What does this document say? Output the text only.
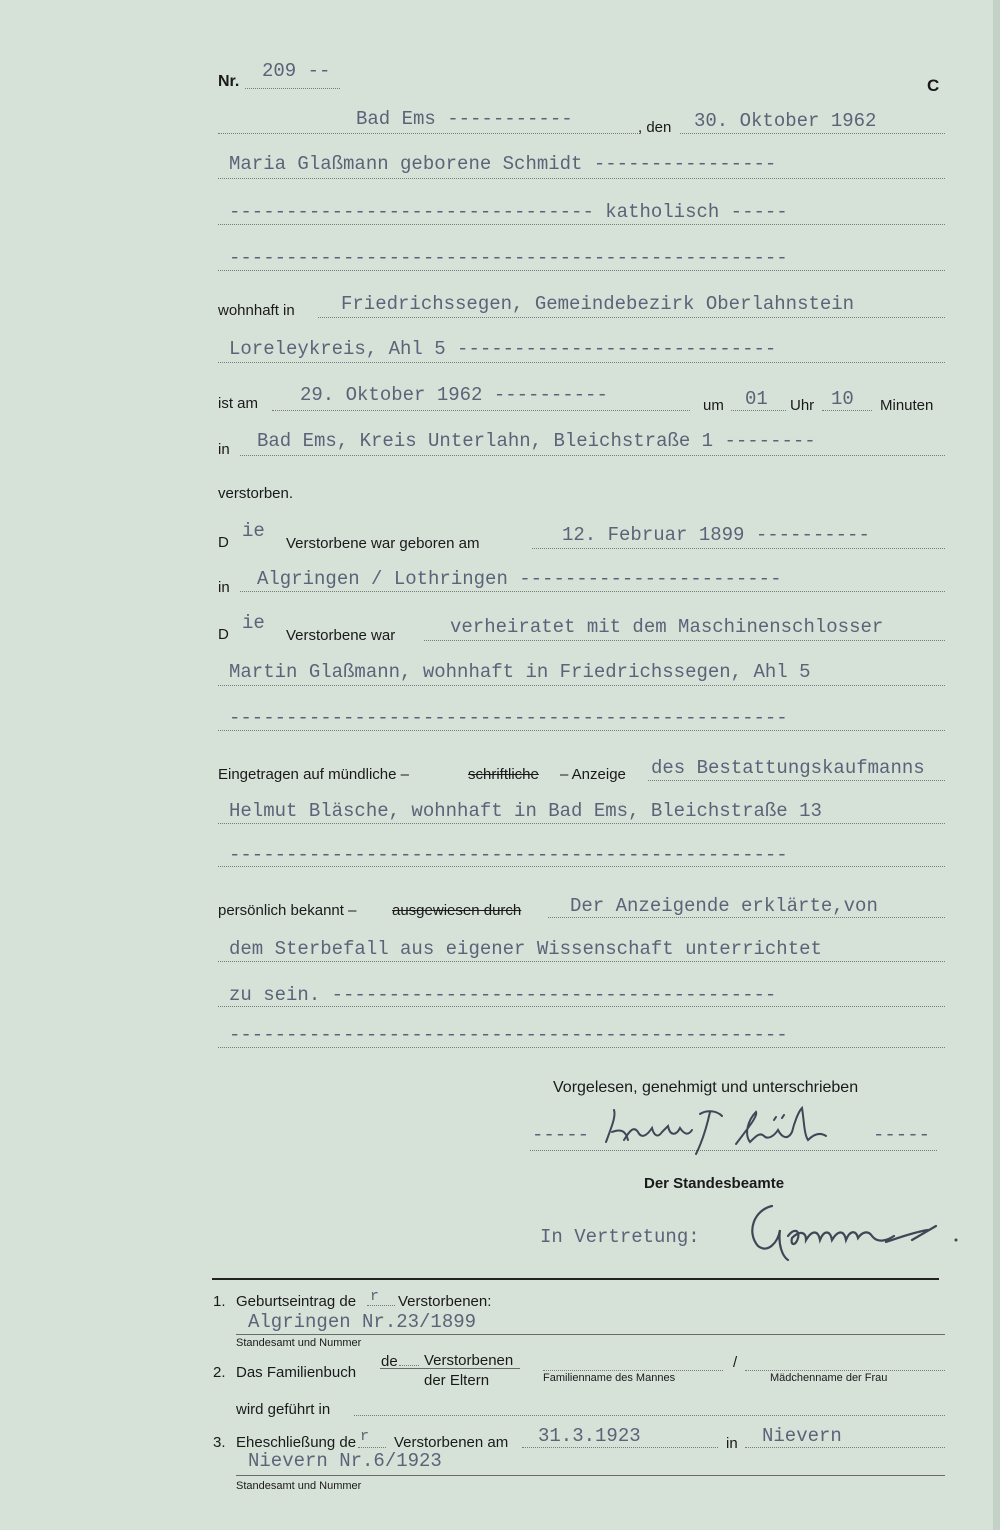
Nr. 209 --
C
Bad Ems -----------	, den 30. Oktober 1962
Maria Glaßmann geborene Schmidt ----------------
-------------------------------- katholisch -----
-------------------------------------------------
wohnhaft in Friedrichssegen, Gemeindebezirk Oberlahnstein
Loreleykreis, Ahl 5 ----------------------------
ist am 29. Oktober 1962 ----------	um 01 Uhr 10 Minuten
in Bad Ems, Kreis Unterlahn, Bleichstraße 1 --------
verstorben.
D
ie
Verstorbene war geboren am	12. Februar 1899 ----------
in Algringen / Lothringen -----------------------
D
ie
Verstorbene war	verheiratet mit dem Maschinenschlosser
Martin Glaßmann, wohnhaft in Friedrichssegen, Ahl 5
-------------------------------------------------
Eingetragen auf mündliche –	schriftliche – Anzeige des Bestattungskaufmanns
Helmut Bläsche, wohnhaft in Bad Ems, Bleichstraße 13
-------------------------------------------------
persönlich bekannt – ausgewiesen durch	Der Anzeigende erklärte,von
dem Sterbefall aus eigener Wissenschaft unterrichtet
zu sein. ---------------------------------------
-------------------------------------------------
Vorgelesen, genehmigt und unterschrieben
-----	-----
Der Standesbeamte
In Vertretung:
1. Geburtseintrag de r Verstorbenen:
Algringen Nr.23/1899
Standesamt und Nummer
2. Das Familienbuch
de Verstorbenen
der Eltern	Familienname des Mannes
/
Mädchenname der Frau
wird geführt in
3. Eheschließung de r Verstorbenen am 31.3.1923	in Nievern
Nievern Nr.6/1923
Standesamt und Nummer
